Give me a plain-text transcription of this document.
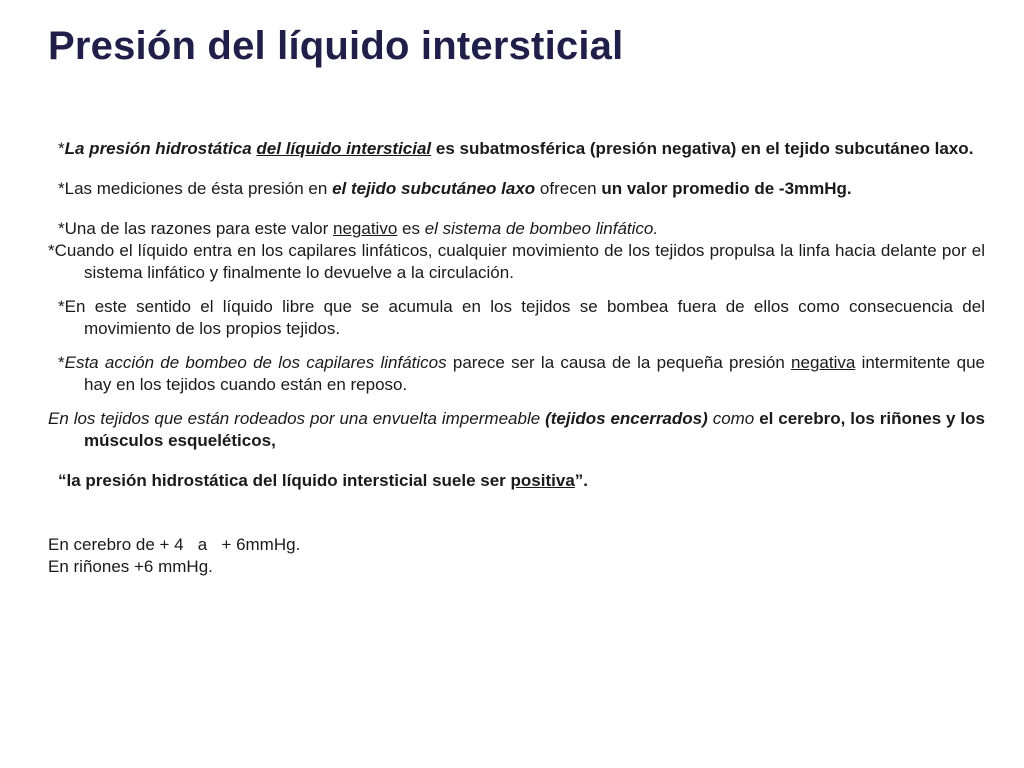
Presión del líquido intersticial

*La presión hidrostática del líquido intersticial es subatmosférica (presión negativa) en el tejido subcutáneo laxo.

*Las mediciones de ésta presión en el tejido subcutáneo laxo ofrecen un valor promedio de -3mmHg.

*Una de las razones para este valor negativo es el sistema de bombeo linfático.

*Cuando el líquido entra en los capilares linfáticos, cualquier movimiento de los tejidos propulsa la linfa hacia delante por el sistema linfático y finalmente lo devuelve a la circulación.

*En este sentido el líquido libre que se acumula en los tejidos se bombea fuera de ellos como consecuencia del movimiento de los propios tejidos.

*Esta acción de bombeo de los capilares linfáticos parece ser la causa de la pequeña presión negativa intermitente que hay en los tejidos cuando están en reposo.

En los tejidos que están rodeados por una envuelta impermeable (tejidos encerrados) como el cerebro, los riñones y los músculos esqueléticos,

“la presión hidrostática del líquido intersticial suele ser positiva”.

En cerebro de + 4   a   + 6mmHg.

En riñones +6 mmHg.
